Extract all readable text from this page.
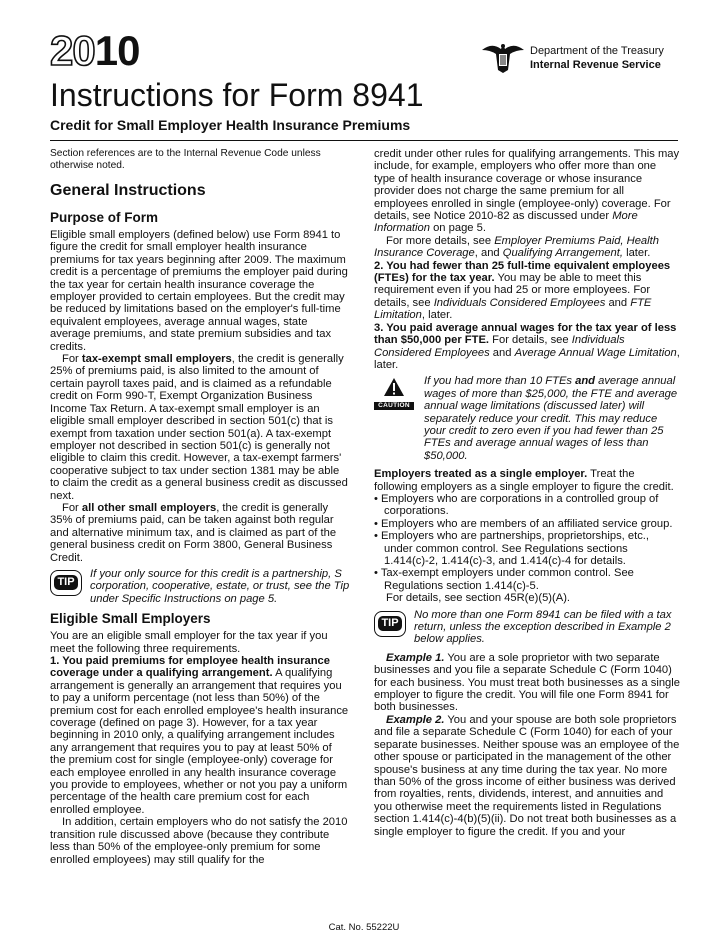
2010	Department of the Treasury
Internal Revenue Service
Instructions for Form 8941
Credit for Small Employer Health Insurance Premiums

Section references are to the Internal Revenue Code unless otherwise noted.

General Instructions
Purpose of Form

Eligible small employers (defined below) use Form 8941 to figure the credit for small employer health insurance premiums for tax years beginning after 2009. The maximum credit is a percentage of premiums the employer paid during the tax year for certain health insurance coverage the employer provided to certain employees. But the credit may be reduced by limitations based on the employer's full-time equivalent employees, average annual wages, state average premiums, and state premium subsidies and tax credits.

For tax-exempt small employers, the credit is generally 25% of premiums paid, is also limited to the amount of certain payroll taxes paid, and is claimed as a refundable credit on Form 990-T, Exempt Organization Business Income Tax Return. A tax-exempt small employer is an eligible small employer described in section 501(c) that is exempt from taxation under section 501(a). A tax-exempt employer not described in section 501(c) is generally not eligible to claim this credit. However, a tax-exempt farmers' cooperative subject to tax under section 1381 may be able to claim the credit as a general business credit as discussed next.

For all other small employers, the credit is generally 35% of premiums paid, can be taken against both regular and alternative minimum tax, and is claimed as part of the general business credit on Form 3800, General Business Credit.

TIP
If your only source for this credit is a partnership, S corporation, cooperative, estate, or trust, see the Tip under Specific Instructions on page 5.
Eligible Small Employers

You are an eligible small employer for the tax year if you meet the following three requirements.

1. You paid premiums for employee health insurance coverage under a qualifying arrangement. A qualifying arrangement is generally an arrangement that requires you to pay a uniform percentage (not less than 50%) of the premium cost for each enrolled employee's health insurance coverage (defined on page 3). However, for a tax year beginning in 2010 only, a qualifying arrangement includes any arrangement that requires you to pay at least 50% of the premium cost for single (employee-only) coverage for each employee enrolled in any health insurance coverage you provide to employees, whether or not you pay a uniform percentage of the health care premium cost for each enrolled employee.

In addition, certain employers who do not satisfy the 2010 transition rule discussed above (because they contribute less than 50% of the employee-only premium for some enrolled employees) may still qualify for the

credit under other rules for qualifying arrangements. This may include, for example, employers who offer more than one type of health insurance coverage or whose insurance provider does not charge the same premium for all employees enrolled in single (employee-only) coverage. For details, see Notice 2010-82 as discussed under More Information on page 5.

For more details, see Employer Premiums Paid, Health Insurance Coverage, and Qualifying Arrangement, later.

2. You had fewer than 25 full-time equivalent employees (FTEs) for the tax year. You may be able to meet this requirement even if you had 25 or more employees. For details, see Individuals Considered Employees and FTE Limitation, later.

3. You paid average annual wages for the tax year of less than $50,000 per FTE. For details, see Individuals Considered Employees and Average Annual Wage Limitation, later.

CAUTION
If you had more than 10 FTEs and average annual wages of more than $25,000, the FTE and average annual wage limitations (discussed later) will separately reduce your credit. This may reduce your credit to zero even if you had fewer than 25 FTEs and average annual wages of less than $50,000.

Employers treated as a single employer. Treat the following employers as a single employer to figure the credit.

• Employers who are corporations in a controlled group of corporations.

• Employers who are members of an affiliated service group.

• Employers who are partnerships, proprietorships, etc., under common control. See Regulations sections 1.414(c)-2, 1.414(c)-3, and 1.414(c)-4 for details.

• Tax-exempt employers under common control. See Regulations section 1.414(c)-5.

For details, see section 45R(e)(5)(A).

TIP
No more than one Form 8941 can be filed with a tax return, unless the exception described in Example 2 below applies.

Example 1. You are a sole proprietor with two separate businesses and you file a separate Schedule C (Form 1040) for each business. You must treat both businesses as a single employer to figure the credit. You will file one Form 8941 for both businesses.

Example 2. You and your spouse are both sole proprietors and file a separate Schedule C (Form 1040) for each of your separate businesses. Neither spouse was an employee of the other spouse or participated in the management of the other spouse's business at any time during the tax year. No more than 50% of the gross income of either business was derived from royalties, rents, dividends, interest, and annuities and you otherwise meet the requirements listed in Regulations section 1.414(c)-4(b)(5)(ii). Do not treat both businesses as a single employer to figure the credit. If you and your

Cat. No. 55222U
